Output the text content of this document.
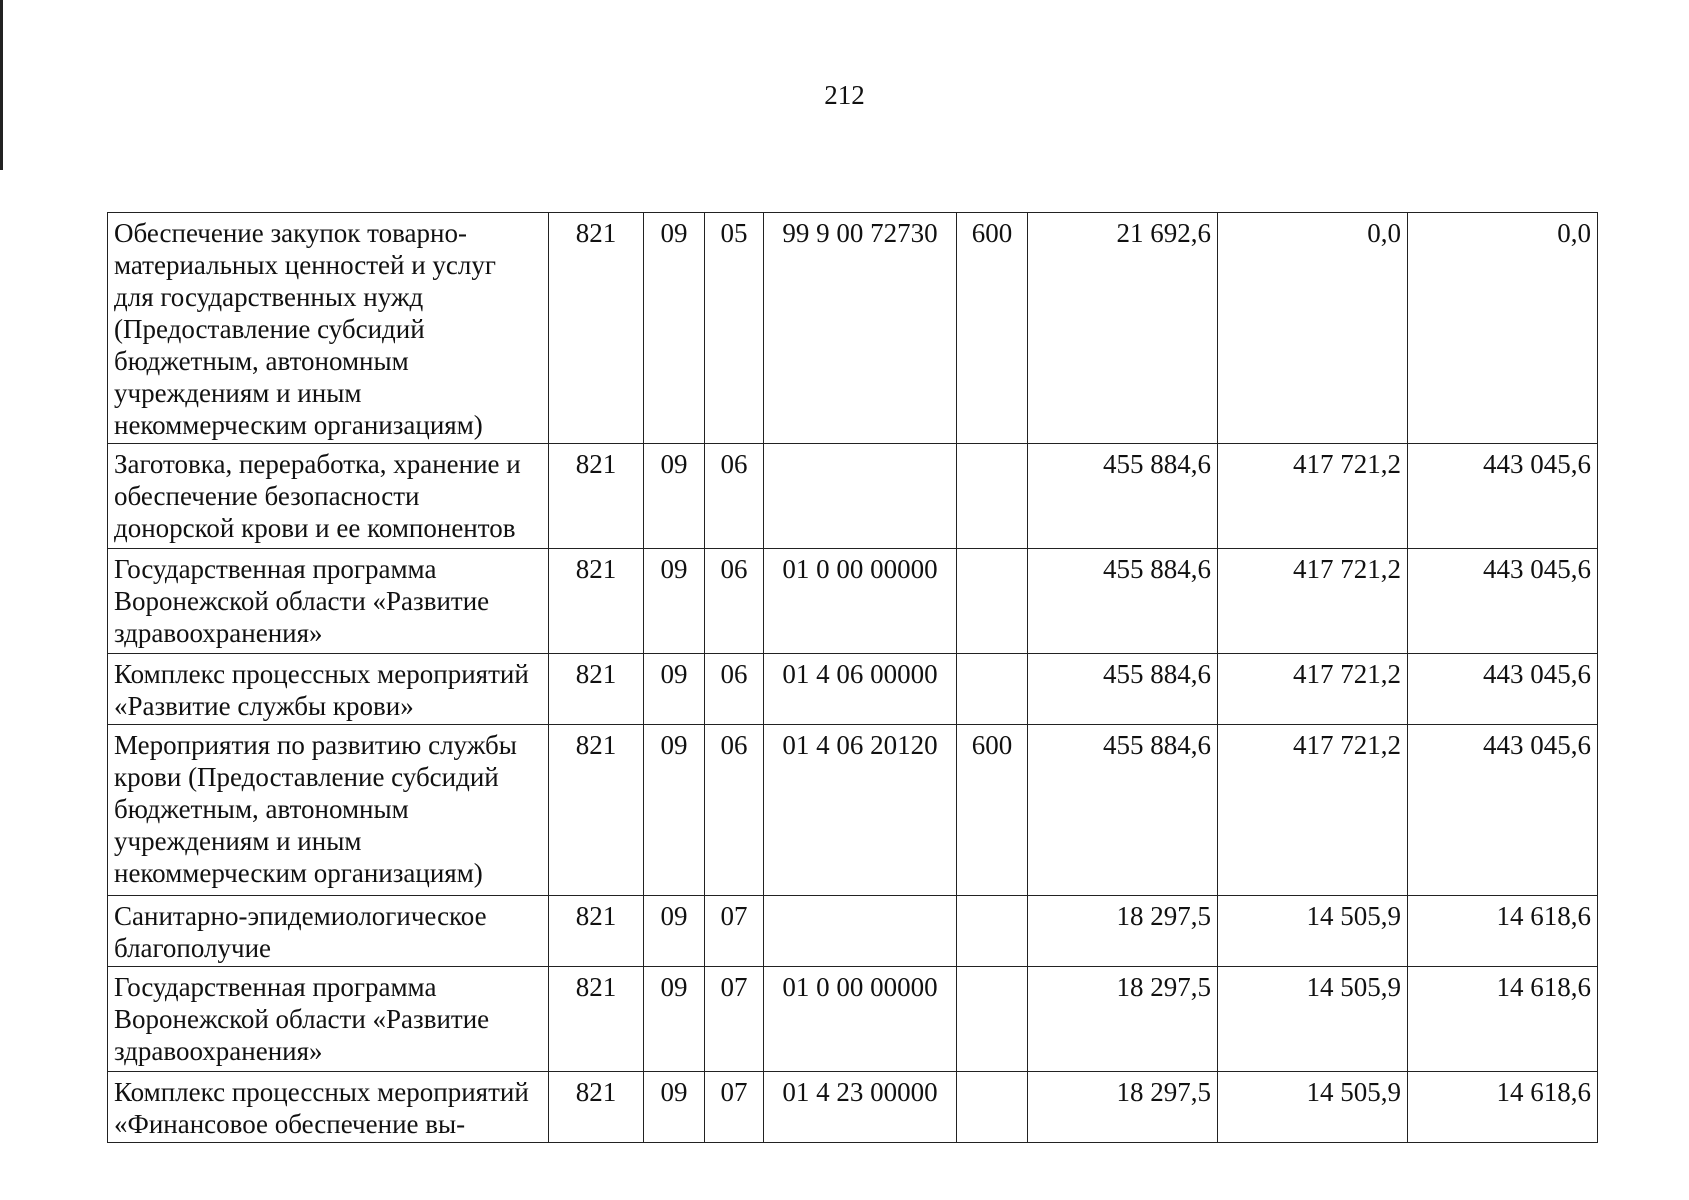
212
Обеспечение закупок товарно-материальных ценностей и услуг для государственных нужд (Предоставление субсидий бюджетным, автономным учреждениям и иным некоммерческим организациям)	821	09	05	99 9 00 72730	600	21 692,6	0,0	0,0
Заготовка, переработка, хранение и обеспечение безопасности донорской крови и ее компонентов	821	09	06			455 884,6	417 721,2	443 045,6
Государственная программа Воронежской области «Развитие здравоохранения»	821	09	06	01 0 00 00000		455 884,6	417 721,2	443 045,6
Комплекс процессных мероприятий «Развитие службы крови»	821	09	06	01 4 06 00000		455 884,6	417 721,2	443 045,6
Мероприятия по развитию службы крови (Предоставление субсидий бюджетным, автономным учреждениям и иным некоммерческим организациям)	821	09	06	01 4 06 20120	600	455 884,6	417 721,2	443 045,6
Санитарно-эпидемиологическое благополучие	821	09	07			18 297,5	14 505,9	14 618,6
Государственная программа Воронежской области «Развитие здравоохранения»	821	09	07	01 0 00 00000		18 297,5	14 505,9	14 618,6
Комплекс процессных мероприятий «Финансовое обеспечение вы-	821	09	07	01 4 23 00000		18 297,5	14 505,9	14 618,6
